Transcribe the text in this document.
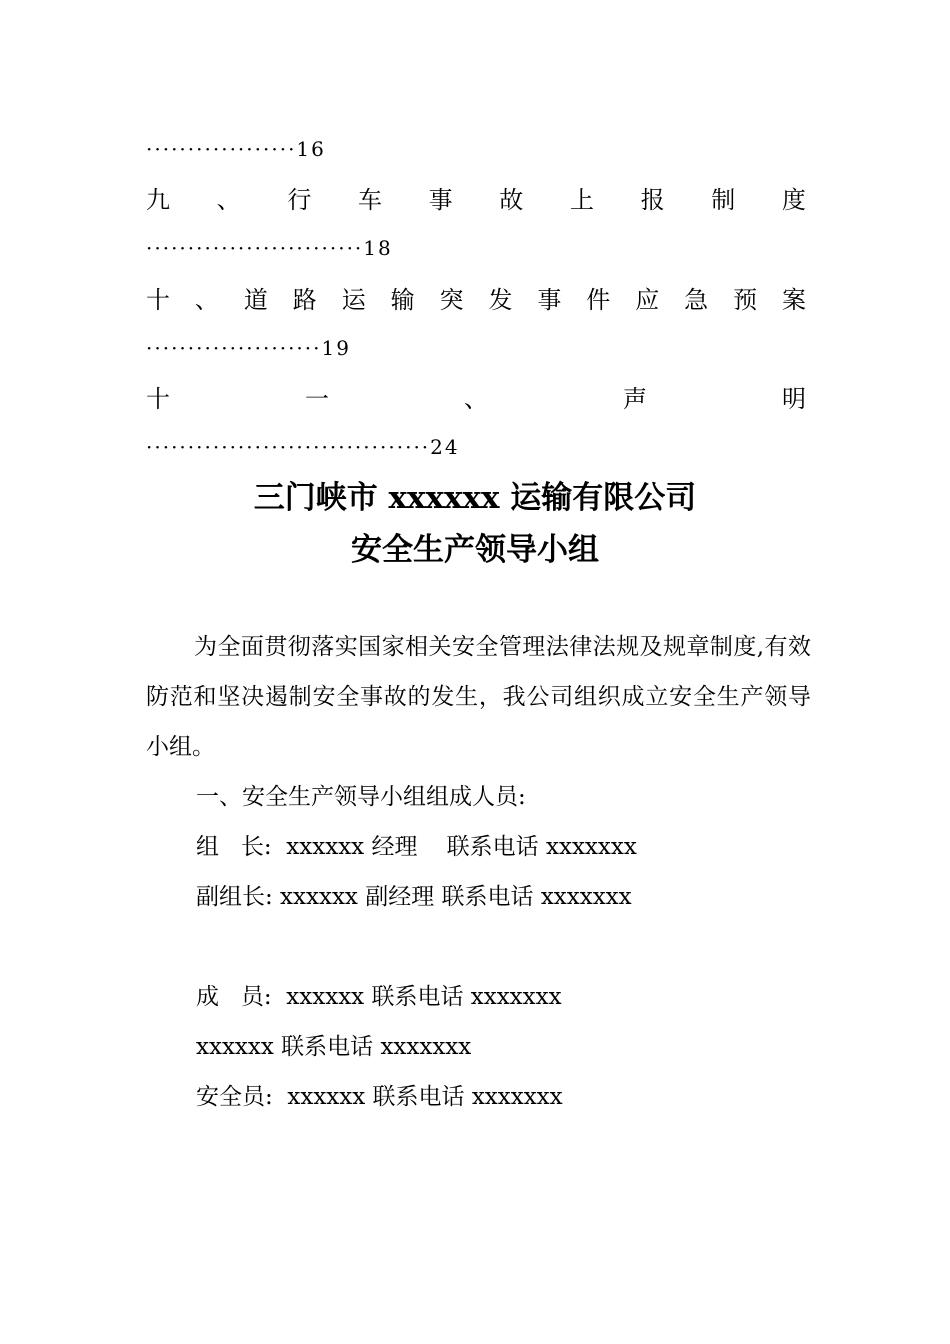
··················16
九 、 行 车 事 故 上 报 制 度
··························18
十 、 道 路 运 输 突 发 事 件 应 急 预 案
·····················19
十	一	、	声	明
··································24
三门峡市 xxxxxx 运输有限公司
安全生产领导小组
为全面贯彻落实国家相关安全管理法律法规及规章制度,有效防范和坚决遏制安全事故的发生，我公司组织成立安全生产领导小组。
一、安全生产领导小组组成人员:
组   长:  xxxxxx 经理    联系电话 xxxxxxx
副组长: xxxxxx 副经理 联系电话 xxxxxxx
成   员:  xxxxxx 联系电话 xxxxxxx
xxxxxx 联系电话 xxxxxxx
安全员:  xxxxxx 联系电话 xxxxxxx
